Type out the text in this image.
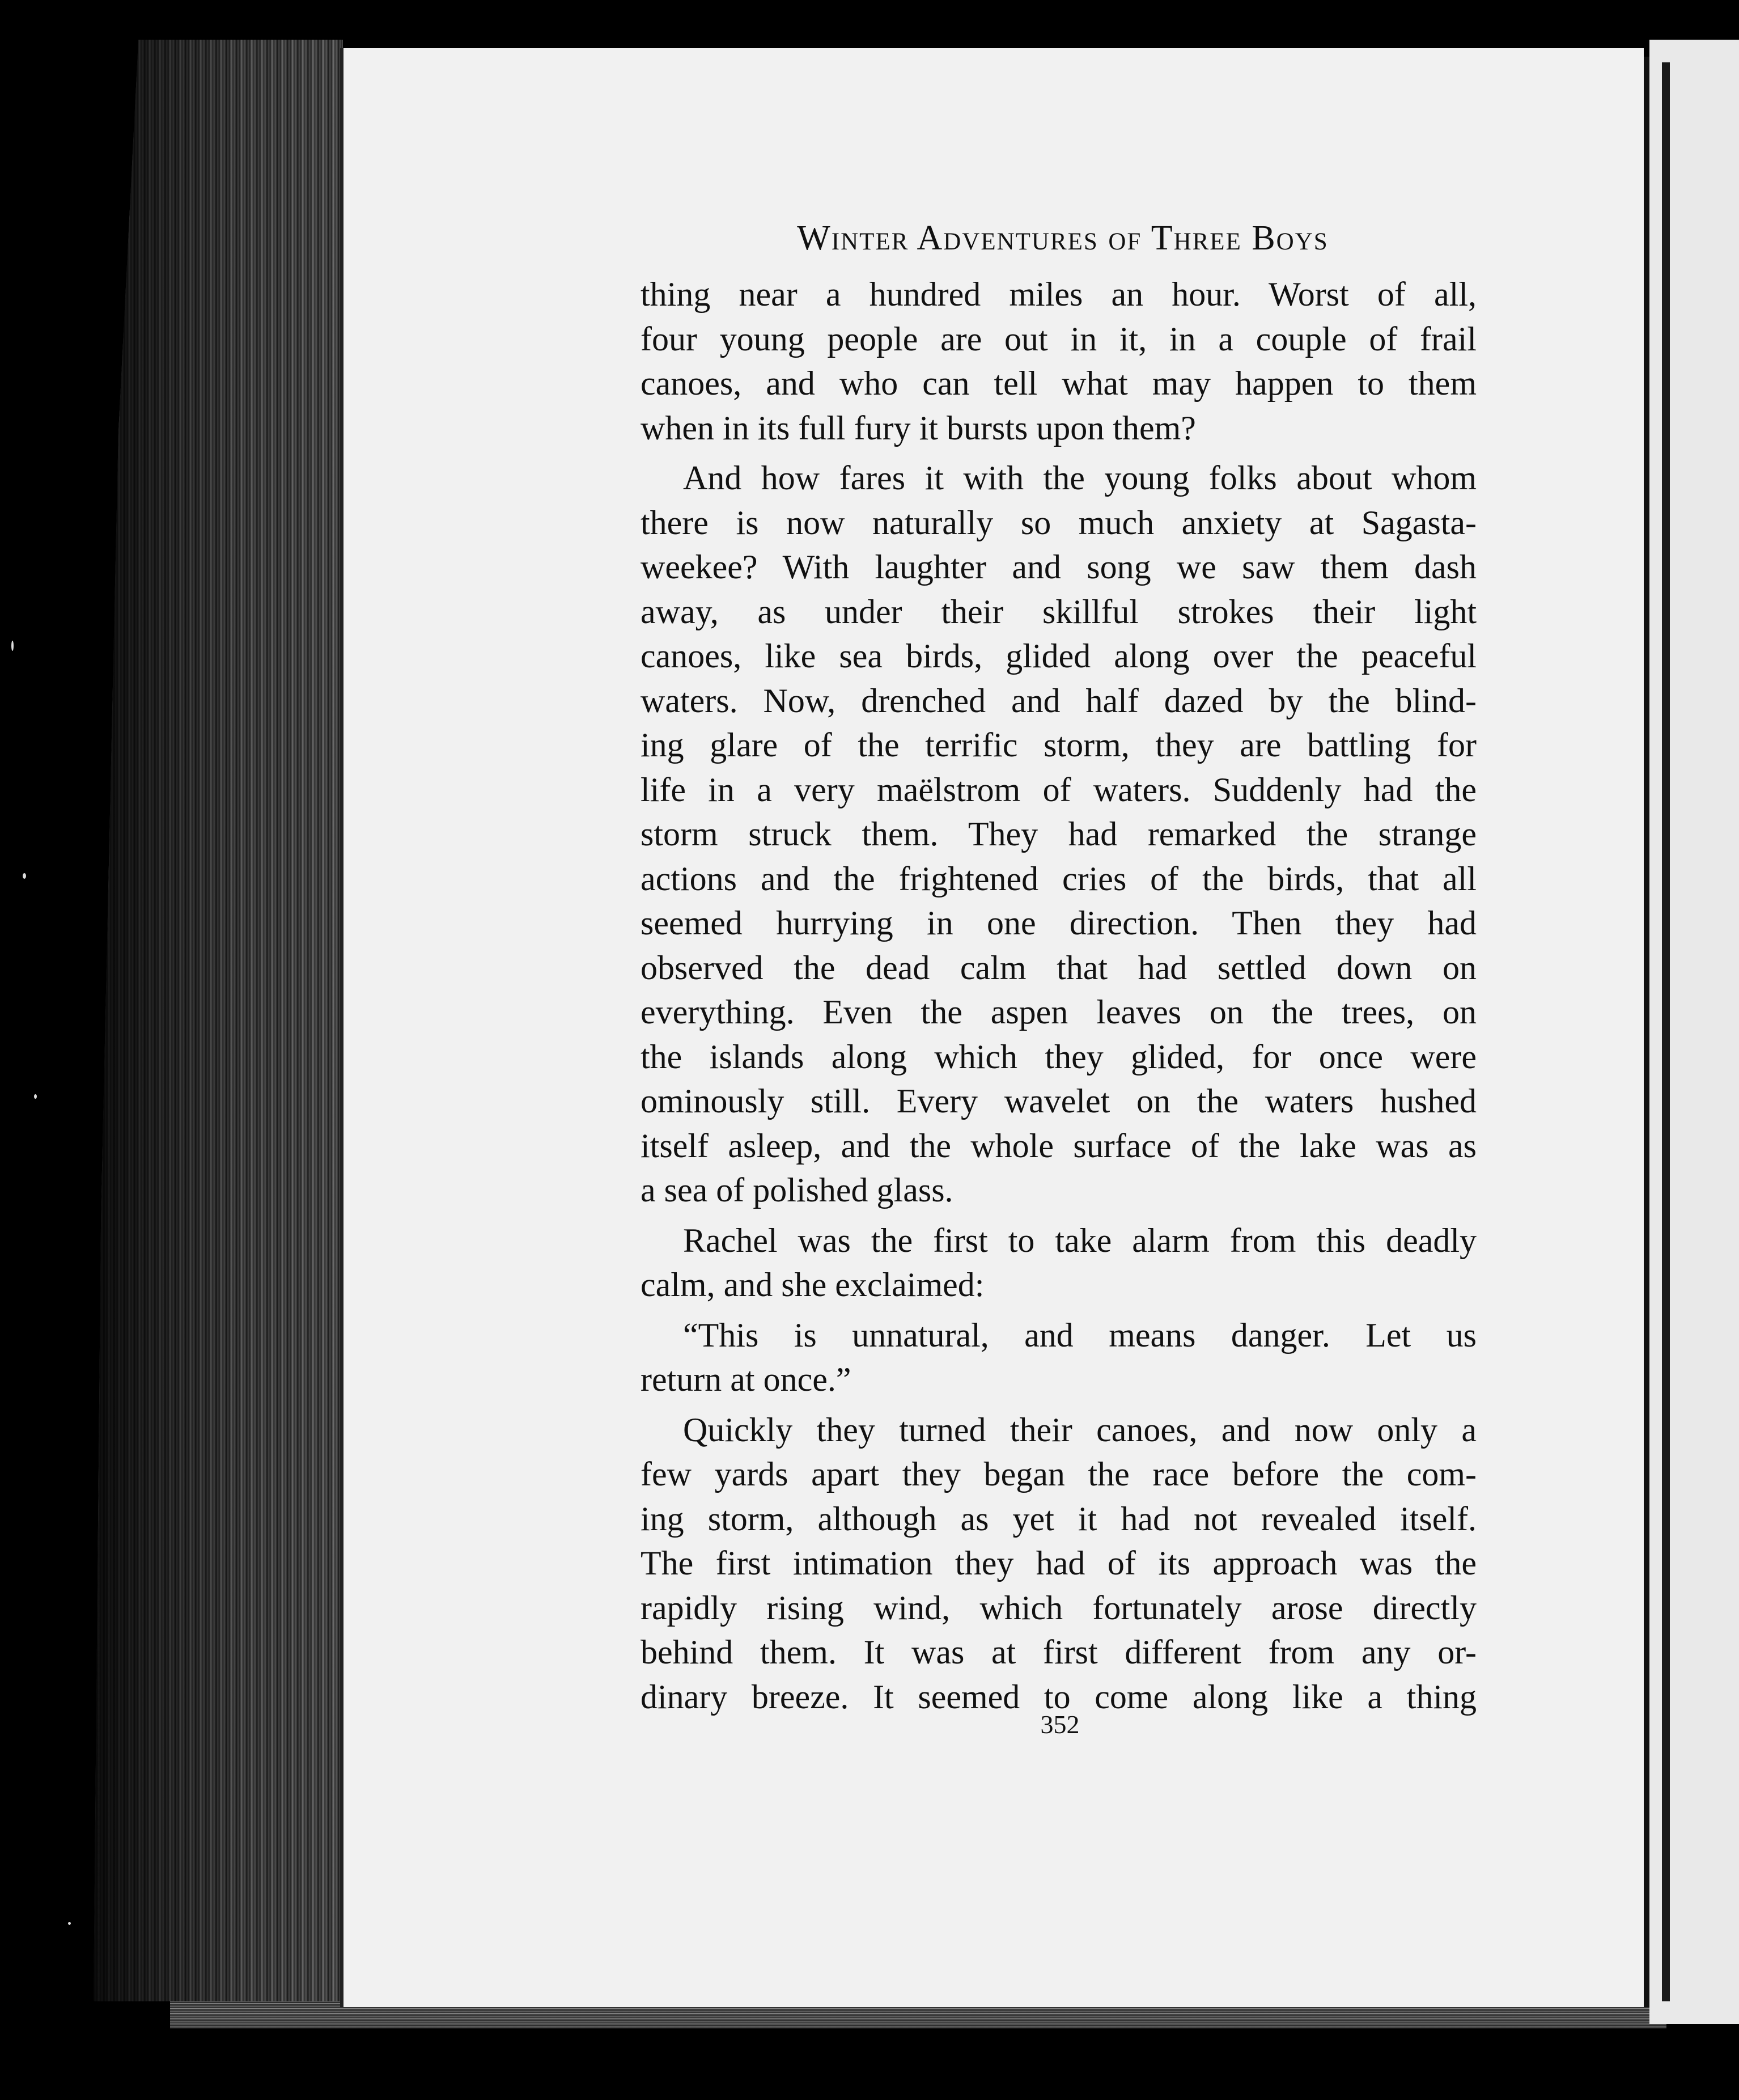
Winter Adventures of Three Boys
thing near a hundred miles an hour. Worst of all,
four young people are out in it, in a couple of frail
canoes, and who can tell what may happen to them
when in its full fury it bursts upon them?
And how fares it with the young folks about whom
there is now naturally so much anxiety at Sagasta-
weekee? With laughter and song we saw them dash
away, as under their skillful strokes their light
canoes, like sea birds, glided along over the peaceful
waters. Now, drenched and half dazed by the blind-
ing glare of the terrific storm, they are battling for
life in a very maëlstrom of waters. Suddenly had the
storm struck them. They had remarked the strange
actions and the frightened cries of the birds, that all
seemed hurrying in one direction. Then they had
observed the dead calm that had settled down on
everything. Even the aspen leaves on the trees, on
the islands along which they glided, for once were
ominously still. Every wavelet on the waters hushed
itself asleep, and the whole surface of the lake was as
a sea of polished glass.
Rachel was the first to take alarm from this deadly
calm, and she exclaimed:
“This is unnatural, and means danger. Let us
return at once.”
Quickly they turned their canoes, and now only a
few yards apart they began the race before the com-
ing storm, although as yet it had not revealed itself.
The first intimation they had of its approach was the
rapidly rising wind, which fortunately arose directly
behind them. It was at first different from any or-
dinary breeze. It seemed to come along like a thing
352
